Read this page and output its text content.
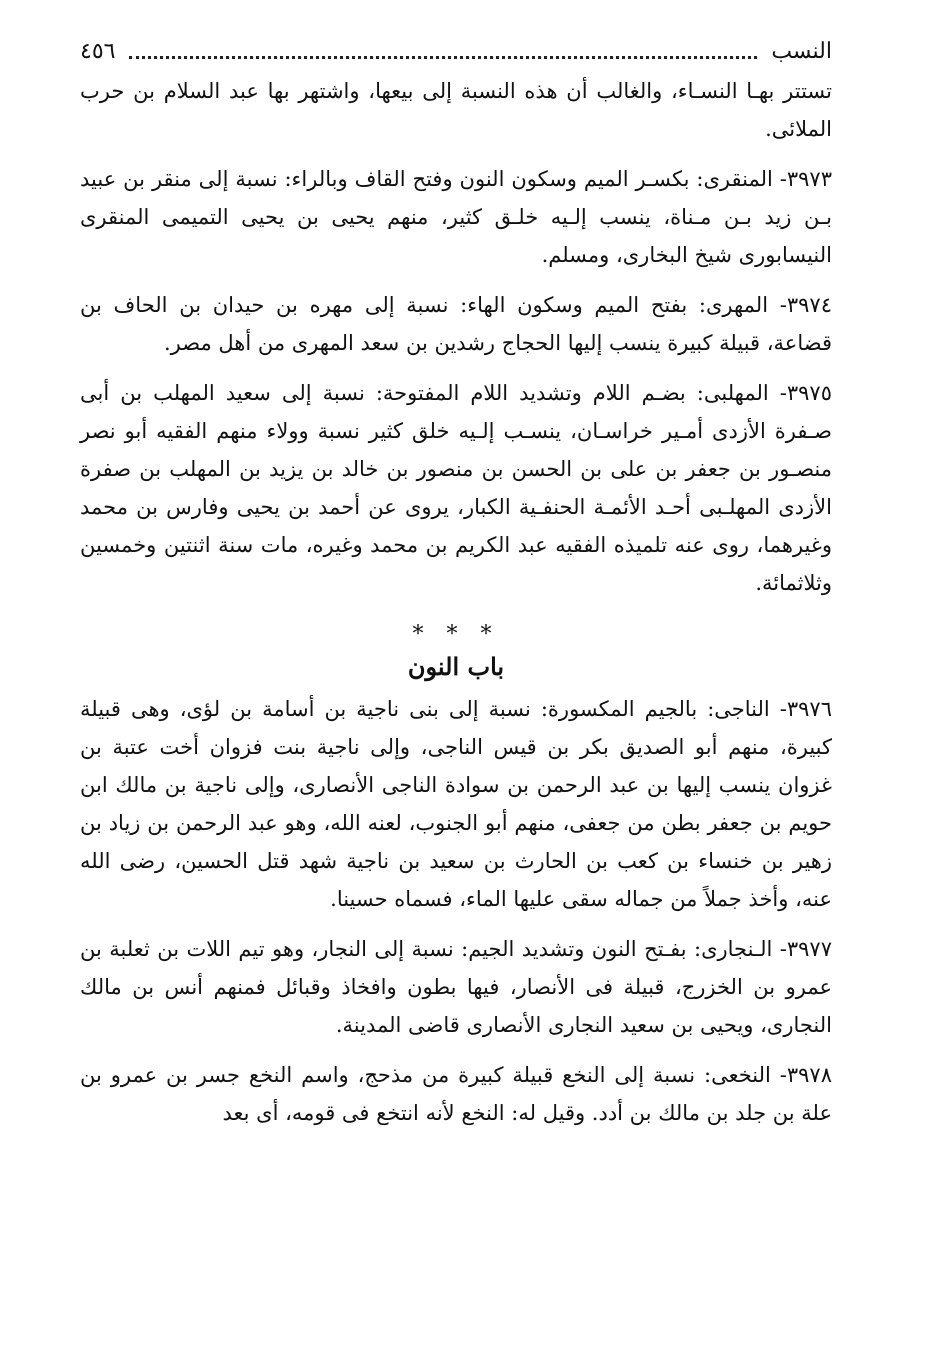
النسب
٤٥٦

تستتر بهـا النسـاء، والغالب أن هذه النسبة إلى بيعها، واشتهر بها عبد السلام بن حرب الملائى.

٣٩٧٣- المنقرى: بكسـر الميم وسكون النون وفتح القاف وبالراء: نسبة إلى منقر بن عبيد بـن زيد بـن مـناة، ينسب إلـيه خلـق كثير، منهم يحيى بن يحيى التميمى المنقرى النيسابورى شيخ البخارى، ومسلم.

٣٩٧٤- المهرى: بفتح الميم وسكون الهاء: نسبة إلى مهره بن حيدان بن الحاف بن قضاعة، قبيلة كبيرة ينسب إليها الحجاج رشدين بن سعد المهرى من أهل مصر.

٣٩٧٥- المهلبى: بضـم اللام وتشديد اللام المفتوحة: نسبة إلى سعيد المهلب بن أبى صـفرة الأزدى أمـير خراسـان، ينسـب إلـيه خلق كثير نسبة وولاء منهم الفقيه أبو نصر منصـور بن جعفر بن على بن الحسن بن منصور بن خالد بن يزيد بن المهلب بن صفرة الأزدى المهلـبى أحـد الأئمـة الحنفـية الكبار، يروى عن أحمد بن يحيى وفارس بن محمد وغيرهما، روى عنه تلميذه الفقيه عبد الكريم بن محمد وغيره، مات سنة اثنتين وخمسين وثلاثمائة.

* * *
باب النون

٣٩٧٦- الناجى: بالجيم المكسورة: نسبة إلى بنى ناجية بن أسامة بن لؤى، وهى قبيلة كبيرة، منهم أبو الصديق بكر بن قيس الناجى، وإلى ناجية بنت فزوان أخت عتبة بن غزوان ينسب إليها بن عبد الرحمن بن سوادة الناجى الأنصارى، وإلى ناجية بن مالك ابن حويم بن جعفر بطن من جعفى، منهم أبو الجنوب، لعنه الله، وهو عبد الرحمن بن زياد بن زهير بن خنساء بن كعب بن الحارث بن سعيد بن ناجية شهد قتل الحسين، رضى الله عنه، وأخذ جملاً من جماله سقى عليها الماء، فسماه حسينا.

٣٩٧٧- الـنجارى: بفـتح النون وتشديد الجيم: نسبة إلى النجار، وهو تيم اللات بن ثعلبة بن عمرو بن الخزرج، قبيلة فى الأنصار، فيها بطون وافخاذ وقبائل فمنهم أنس بن مالك النجارى، ويحيى بن سعيد النجارى الأنصارى قاضى المدينة.

٣٩٧٨- النخعى: نسبة إلى النخع قبيلة كبيرة من مذحج، واسم النخع جسر بن عمرو بن علة بن جلد بن مالك بن أدد. وقيل له: النخع لأنه انتخع فى قومه، أى بعد
